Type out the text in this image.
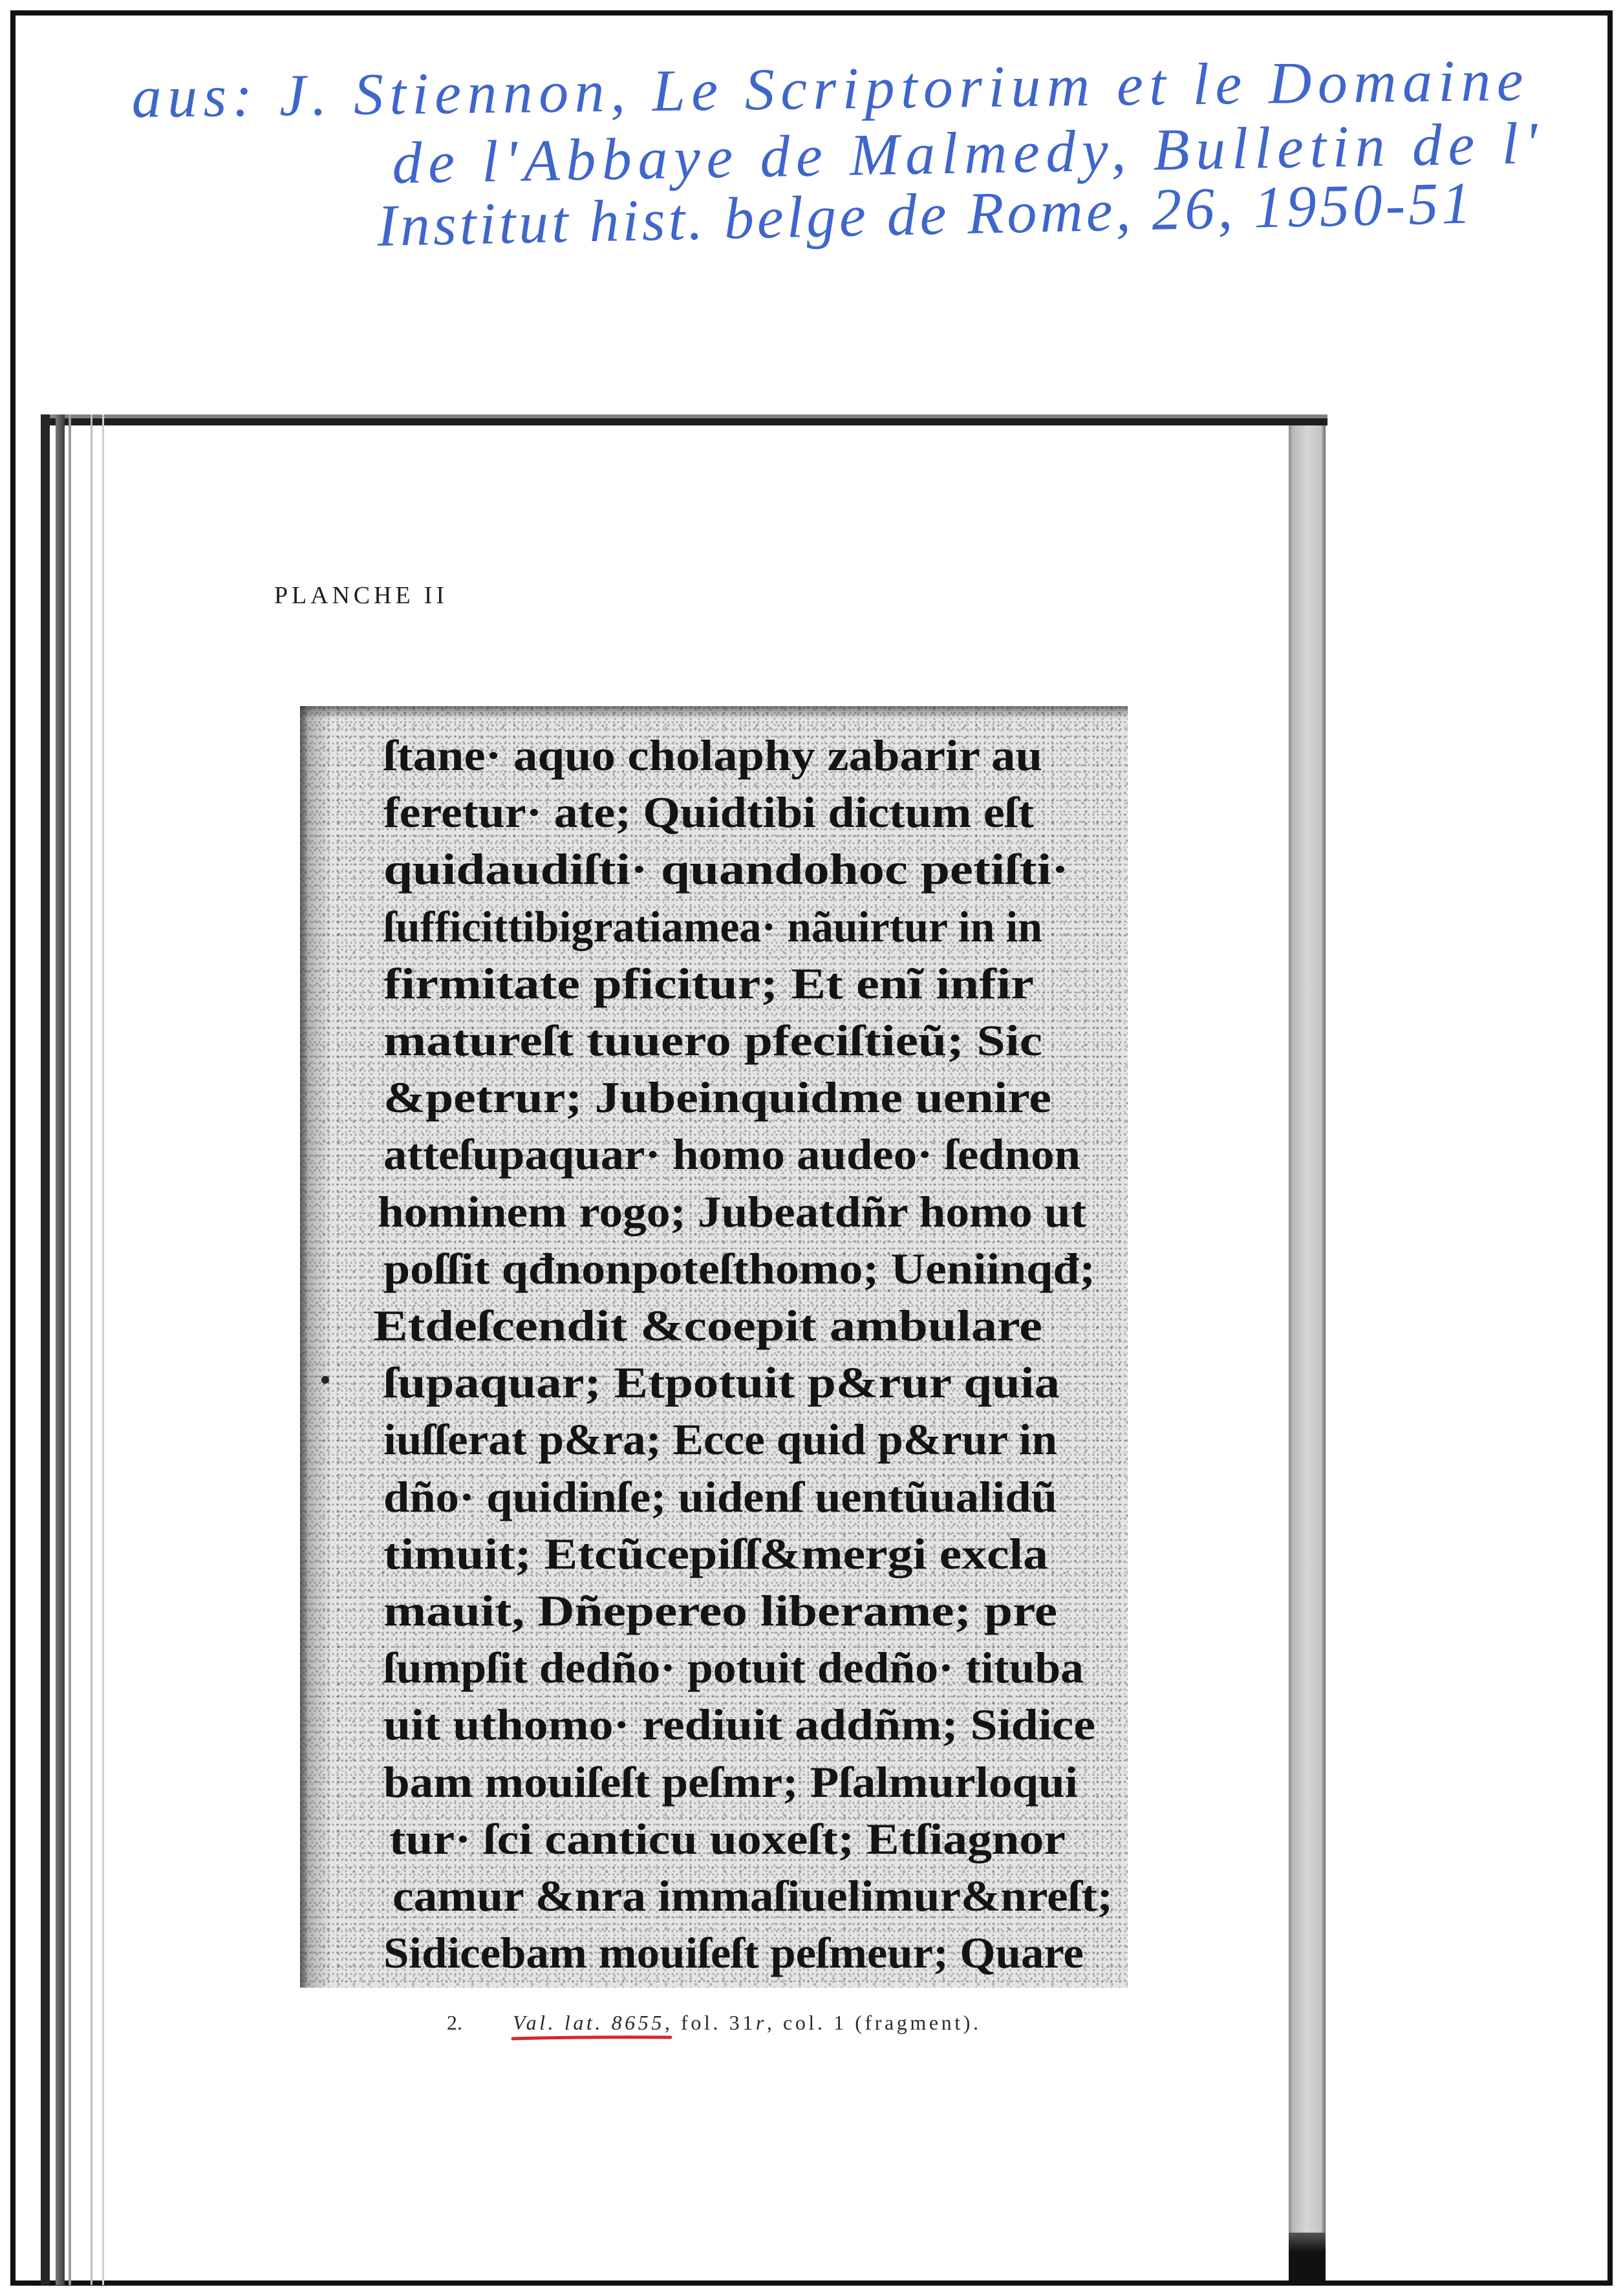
aus: J. Stiennon, Le Scriptorium et le Domaine
de l'Abbaye de Malmedy, Bulletin de l'
Institut hist. belge de Rome, 26, 1950-51
PLANCHE II
ſtane· aquo cholaphy zabarir au
feretur· ate; Quidtibi dictum eſt
quidaudiſti· quandohoc petiſti·
ſufficittibigratiamea· nãuirtur in in
firmitate pficitur; Et enĩ infir
matureſt tuuero pfeciſtieũ; Sic
&petrur; Jubeinquidme uenire
atteſupaquar· homo audeo· ſednon
hominem rogo; Jubeatdñr homo ut
poſſit qđnonpoteſthomo; Ueniinqđ;
Etdeſcendit &coepit ambulare
ſupaquar; Etpotuit p&rur quia
iuſſerat p&ra; Ecce quid p&rur in
dño· quidinſe; uidenſ uentũualidũ
timuit; Etcũcepiſſ&mergi excla
mauit, Dñepereo liberame; pre
ſumpſit dedño· potuit dedño· tituba
uit uthomo· rediuit addñm; Sidice
bam mouiſeſt peſmr; Pſalmurloqui
tur· ſci canticu uoxeſt; Etſiagnor
camur &nra immaſiuelimur&nreſt;
Sidicebam mouiſeſt peſmeur; Quare
2. Val. lat. 8655 , fol. 31 r , col. 1 (fragment).
